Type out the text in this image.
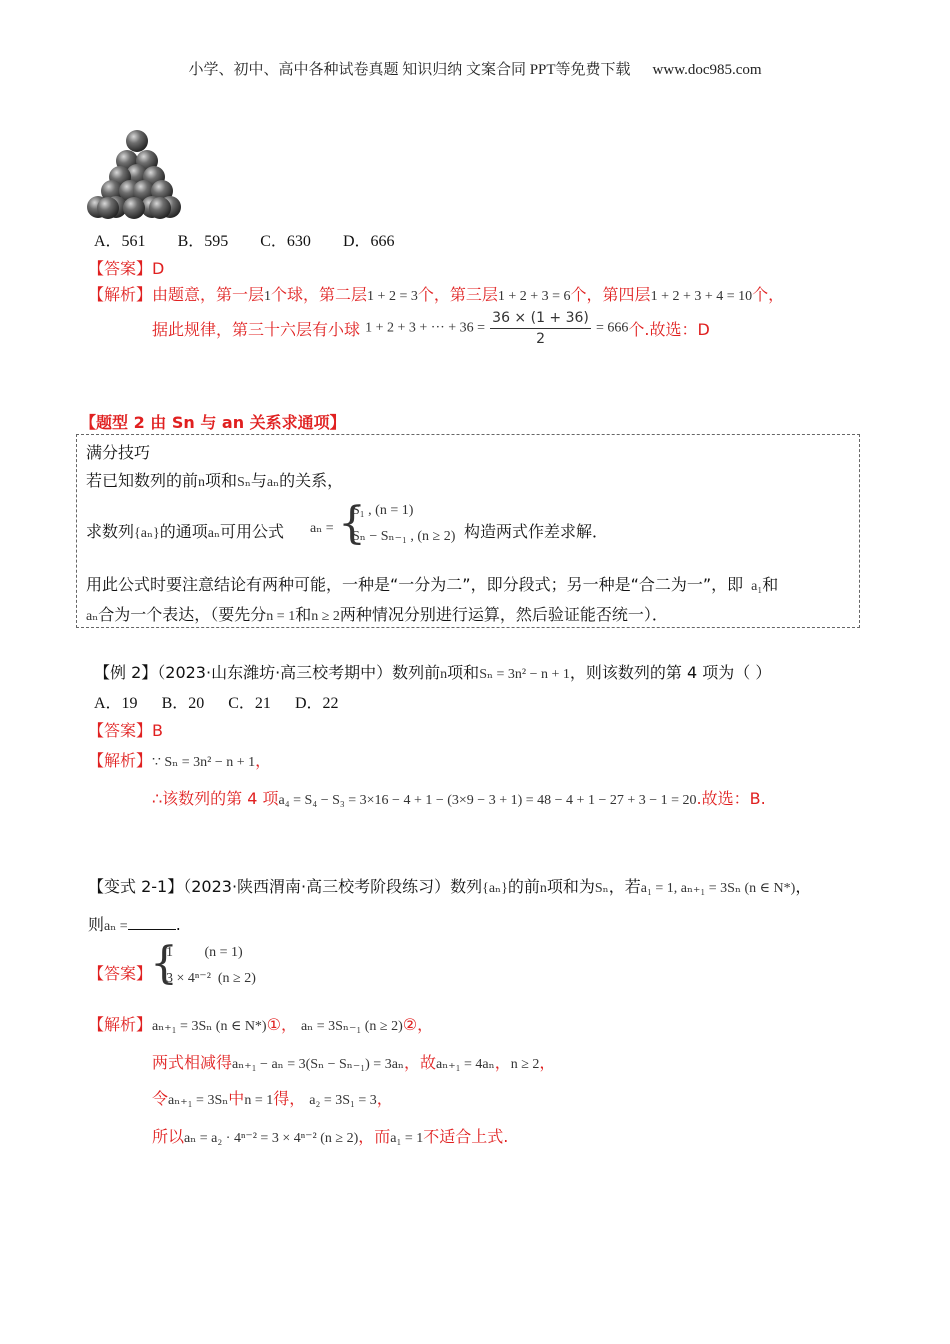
小学、初中、高中各种试卷真题 知识归纳 文案合同 PPT等免费下载 www.doc985.com
A．561 B．595 C．630 D．666
【答案】D
【解析】由题意，第一层1个球，第二层1 + 2 = 3个，第三层1 + 2 + 3 = 6个，第四层1 + 2 + 3 + 4 = 10个，
据此规律，第三十六层有小球 1 + 2 + 3 + ··· + $36 = \frac{36 \times (1 + 36)}{2} = 666$个.故选：D
【题型 2 由 Sn 与 an 关系求通项】
满分技巧
若已知数列的前n项和Sₙ与aₙ的关系，
求数列{aₙ}的通项aₙ可用公式 aₙ = {
S₁ , (n = 1)
Sₙ − Sₙ₋₁ , (n ≥ 2) 构造两式作差求解．
用此公式时要注意结论有两种可能，一种是“一分为二”，即分段式；另一种是“合二为一”，即 a₁和
aₙ合为一个表达，（要先分n = 1和n ≥ 2两种情况分别进行运算，然后验证能否统一）．
【例 2】（2023·山东潍坊·高三校考期中）数列前n项和Sₙ = 3n² − n + 1，则该数列的第 4 项为（ ）
A．19 B．20 C．21 D．22
【答案】B
【解析】∵ Sₙ = 3n² − n + 1，
∴该数列的第 4 项a₄ = S₄ − S₃ = 3×16 − 4 + 1 − (3×9 − 3 + 1) = 48 − 4 + 1 − 27 + 3 − 1 = 20.故选：B.
【变式 2-1】（2023·陕西渭南·高三校考阶段练习）数列{aₙ}的前n项和为Sₙ，若a₁ = 1, aₙ₊₁ = 3Sₙ (n ∈ N*)，
则aₙ =	.
【答案】
{
1         (n = 1)
3 × 4ⁿ⁻²  (n ≥ 2)
【解析】aₙ₊₁ = 3Sₙ (n ∈ N*)①， aₙ = 3Sₙ₋₁ (n ≥ 2)②，
两式相减得aₙ₊₁ − aₙ = 3(Sₙ − Sₙ₋₁) = 3aₙ，故aₙ₊₁ = 4aₙ，n ≥ 2，
令aₙ₊₁ = 3Sₙ中n = 1得， a₂ = 3S₁ = 3，
所以aₙ = a₂ · 4ⁿ⁻² = 3 × 4ⁿ⁻² (n ≥ 2)，而a₁ = 1不适合上式.
